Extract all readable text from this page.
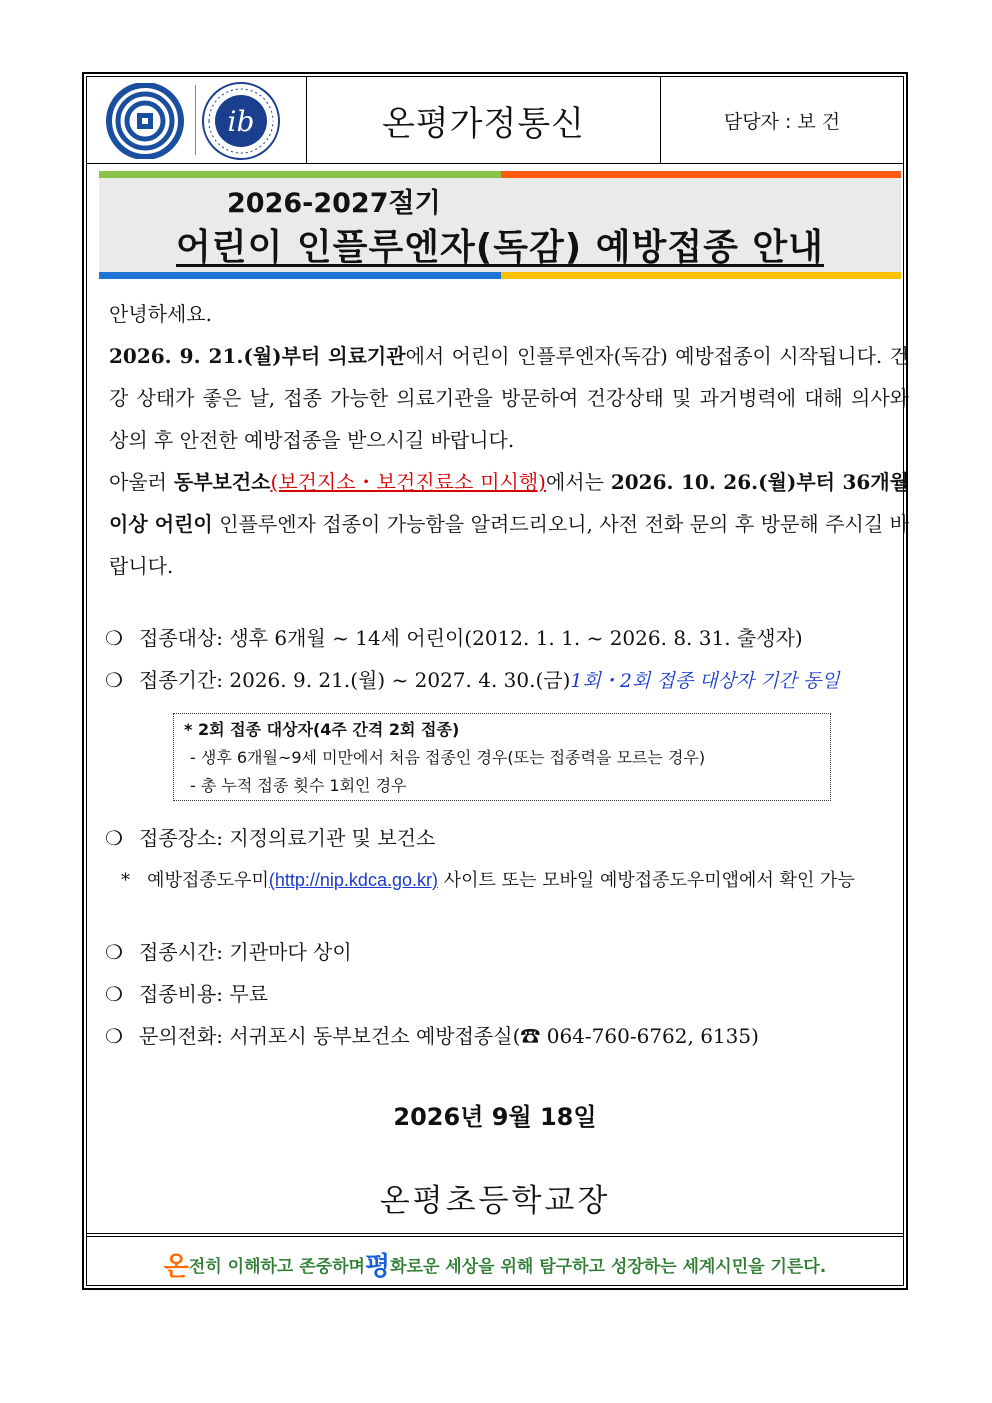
ib	온평가정통신	담당자 : 보 건
2026-2027절기
어린이 인플루엔자(독감) 예방접종 안내

안녕하세요.

2026. 9. 21.(월)부터 의료기관에서 어린이 인플루엔자(독감) 예방접종이 시작됩니다. 건강 상태가 좋은 날, 접종 가능한 의료기관을 방문하여 건강상태 및 과거병력에 대해 의사와 상의 후 안전한 예방접종을 받으시길 바랍니다.

아울러 동부보건소(보건지소・보건진료소 미시행)에서는 2026. 10. 26.(월)부터 36개월 이상 어린이 인플루엔자 접종이 가능함을 알려드리오니, 사전 전화 문의 후 방문해 주시길 바랍니다.

❍ 접종대상: 생후 6개월 ~ 14세 어린이(2012. 1. 1. ~ 2026. 8. 31. 출생자)
❍ 접종기간: 2026. 9. 21.(월) ~ 2027. 4. 30.(금)1회・2회 접종 대상자 기간 동일
* 2회 접종 대상자(4주 간격 2회 접종)
- 생후 6개월~9세 미만에서 처음 접종인 경우(또는 접종력을 모르는 경우)
- 총 누적 접종 횟수 1회인 경우
❍ 접종장소: 지정의료기관 및 보건소
*   예방접종도우미(http://nip.kdca.go.kr) 사이트 또는 모바일 예방접종도우미앱에서 확인 가능
❍ 접종시간: 기관마다 상이
❍ 접종비용: 무료
❍ 문의전화: 서귀포시 동부보건소 예방접종실(☎ 064-760-6762, 6135)
2026년 9월 18일
온평초등학교장
온 전히 이해하고 존중하며 평 화로운 세상을 위해 탐구하고 성장하는 세계시민을 기른다.
